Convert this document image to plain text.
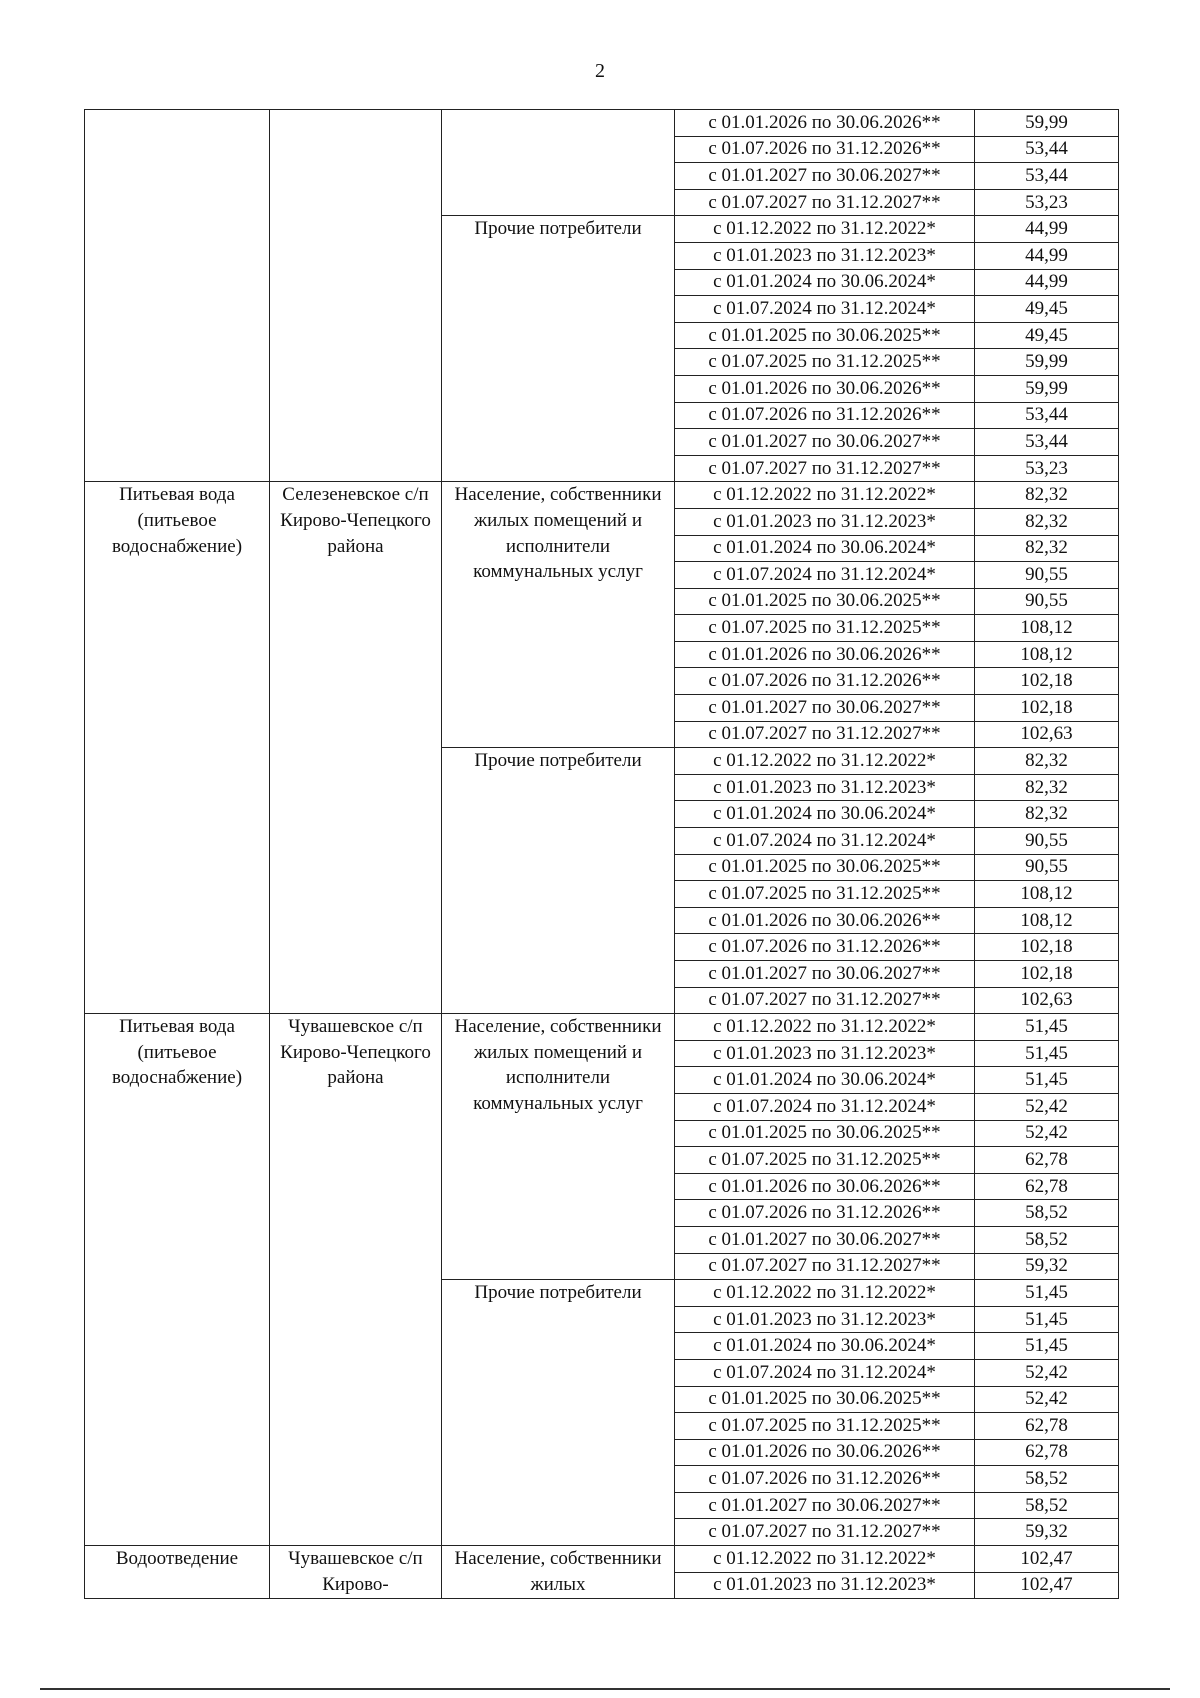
2
			с 01.01.2026 по 30.06.2026**	59,99
			с 01.07.2026 по 31.12.2026**	53,44
			с 01.01.2027 по 30.06.2027**	53,44
			с 01.07.2027 по 31.12.2027**	53,23
		Прочие потребители	с 01.12.2022 по 31.12.2022*	44,99
			с 01.01.2023 по 31.12.2023*	44,99
			с 01.01.2024 по 30.06.2024*	44,99
			с 01.07.2024 по 31.12.2024*	49,45
			с 01.01.2025 по 30.06.2025**	49,45
			с 01.07.2025 по 31.12.2025**	59,99
			с 01.01.2026 по 30.06.2026**	59,99
			с 01.07.2026 по 31.12.2026**	53,44
			с 01.01.2027 по 30.06.2027**	53,44
			с 01.07.2027 по 31.12.2027**	53,23
Питьевая вода (питьевое водоснабжение)	Селезеневское с/п Кирово-Чепецкого района	Население, собственники жилых помещений и исполнители коммунальных услуг	с 01.12.2022 по 31.12.2022*	82,32
			с 01.01.2023 по 31.12.2023*	82,32
			с 01.01.2024 по 30.06.2024*	82,32
			с 01.07.2024 по 31.12.2024*	90,55
			с 01.01.2025 по 30.06.2025**	90,55
			с 01.07.2025 по 31.12.2025**	108,12
			с 01.01.2026 по 30.06.2026**	108,12
			с 01.07.2026 по 31.12.2026**	102,18
			с 01.01.2027 по 30.06.2027**	102,18
			с 01.07.2027 по 31.12.2027**	102,63
		Прочие потребители	с 01.12.2022 по 31.12.2022*	82,32
			с 01.01.2023 по 31.12.2023*	82,32
			с 01.01.2024 по 30.06.2024*	82,32
			с 01.07.2024 по 31.12.2024*	90,55
			с 01.01.2025 по 30.06.2025**	90,55
			с 01.07.2025 по 31.12.2025**	108,12
			с 01.01.2026 по 30.06.2026**	108,12
			с 01.07.2026 по 31.12.2026**	102,18
			с 01.01.2027 по 30.06.2027**	102,18
			с 01.07.2027 по 31.12.2027**	102,63
Питьевая вода (питьевое водоснабжение)	Чувашевское с/п Кирово-Чепецкого района	Население, собственники жилых помещений и исполнители коммунальных услуг	с 01.12.2022 по 31.12.2022*	51,45
			с 01.01.2023 по 31.12.2023*	51,45
			с 01.01.2024 по 30.06.2024*	51,45
			с 01.07.2024 по 31.12.2024*	52,42
			с 01.01.2025 по 30.06.2025**	52,42
			с 01.07.2025 по 31.12.2025**	62,78
			с 01.01.2026 по 30.06.2026**	62,78
			с 01.07.2026 по 31.12.2026**	58,52
			с 01.01.2027 по 30.06.2027**	58,52
			с 01.07.2027 по 31.12.2027**	59,32
		Прочие потребители	с 01.12.2022 по 31.12.2022*	51,45
			с 01.01.2023 по 31.12.2023*	51,45
			с 01.01.2024 по 30.06.2024*	51,45
			с 01.07.2024 по 31.12.2024*	52,42
			с 01.01.2025 по 30.06.2025**	52,42
			с 01.07.2025 по 31.12.2025**	62,78
			с 01.01.2026 по 30.06.2026**	62,78
			с 01.07.2026 по 31.12.2026**	58,52
			с 01.01.2027 по 30.06.2027**	58,52
			с 01.07.2027 по 31.12.2027**	59,32
Водоотведение	Чувашевское с/п Кирово-	Население, собственники жилых	с 01.12.2022 по 31.12.2022*	102,47
			с 01.01.2023 по 31.12.2023*	102,47
